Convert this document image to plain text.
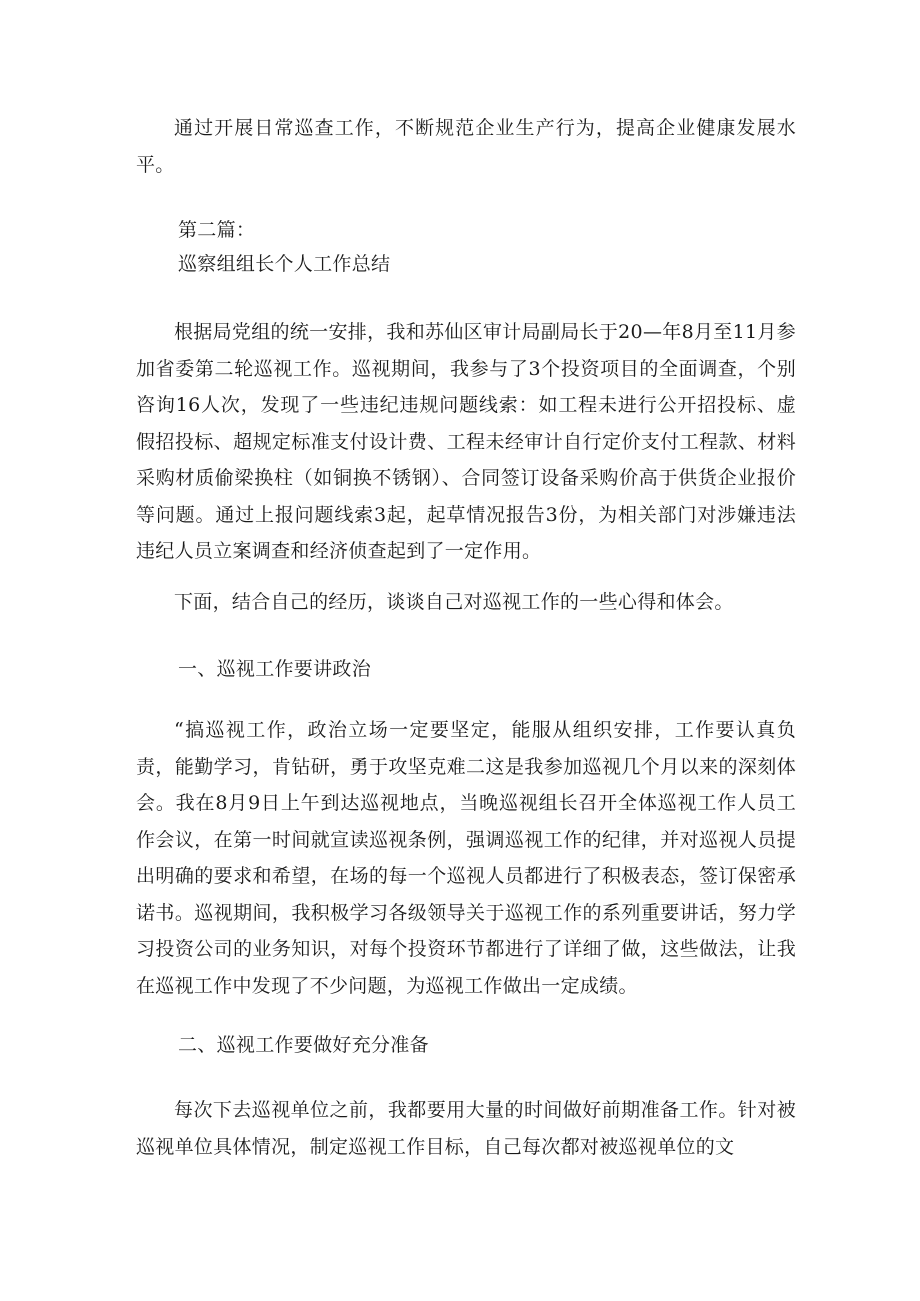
通过开展日常巡查工作，不断规范企业生产行为，提高企业健康发展水平。

第二篇：

巡察组组长个人工作总结

根据局党组的统一安排，我和苏仙区审计局副局长于20—年8月至11月参加省委第二轮巡视工作。巡视期间，我参与了3个投资项目的全面调查，个别咨询16人次，发现了一些违纪违规问题线索：如工程未进行公开招投标、虚假招投标、超规定标准支付设计费、工程未经审计自行定价支付工程款、材料采购材质偷梁换柱（如铜换不锈钢）、合同签订设备采购价高于供货企业报价等问题。通过上报问题线索3起，起草情况报告3份，为相关部门对涉嫌违法违纪人员立案调查和经济侦查起到了一定作用。

下面，结合自己的经历，谈谈自己对巡视工作的一些心得和体会。

一、巡视工作要讲政治

“搞巡视工作，政治立场一定要坚定，能服从组织安排，工作要认真负责，能勤学习，肯钻研，勇于攻坚克难二这是我参加巡视几个月以来的深刻体会。我在8月9日上午到达巡视地点，当晚巡视组长召开全体巡视工作人员工作会议，在第一时间就宣读巡视条例，强调巡视工作的纪律，并对巡视人员提出明确的要求和希望，在场的每一个巡视人员都进行了积极表态，签订保密承诺书。巡视期间，我积极学习各级领导关于巡视工作的系列重要讲话，努力学习投资公司的业务知识，对每个投资环节都进行了详细了做，这些做法，让我在巡视工作中发现了不少问题，为巡视工作做出一定成绩。

二、巡视工作要做好充分准备

每次下去巡视单位之前，我都要用大量的时间做好前期准备工作。针对被巡视单位具体情况，制定巡视工作目标，自己每次都对被巡视单位的文
